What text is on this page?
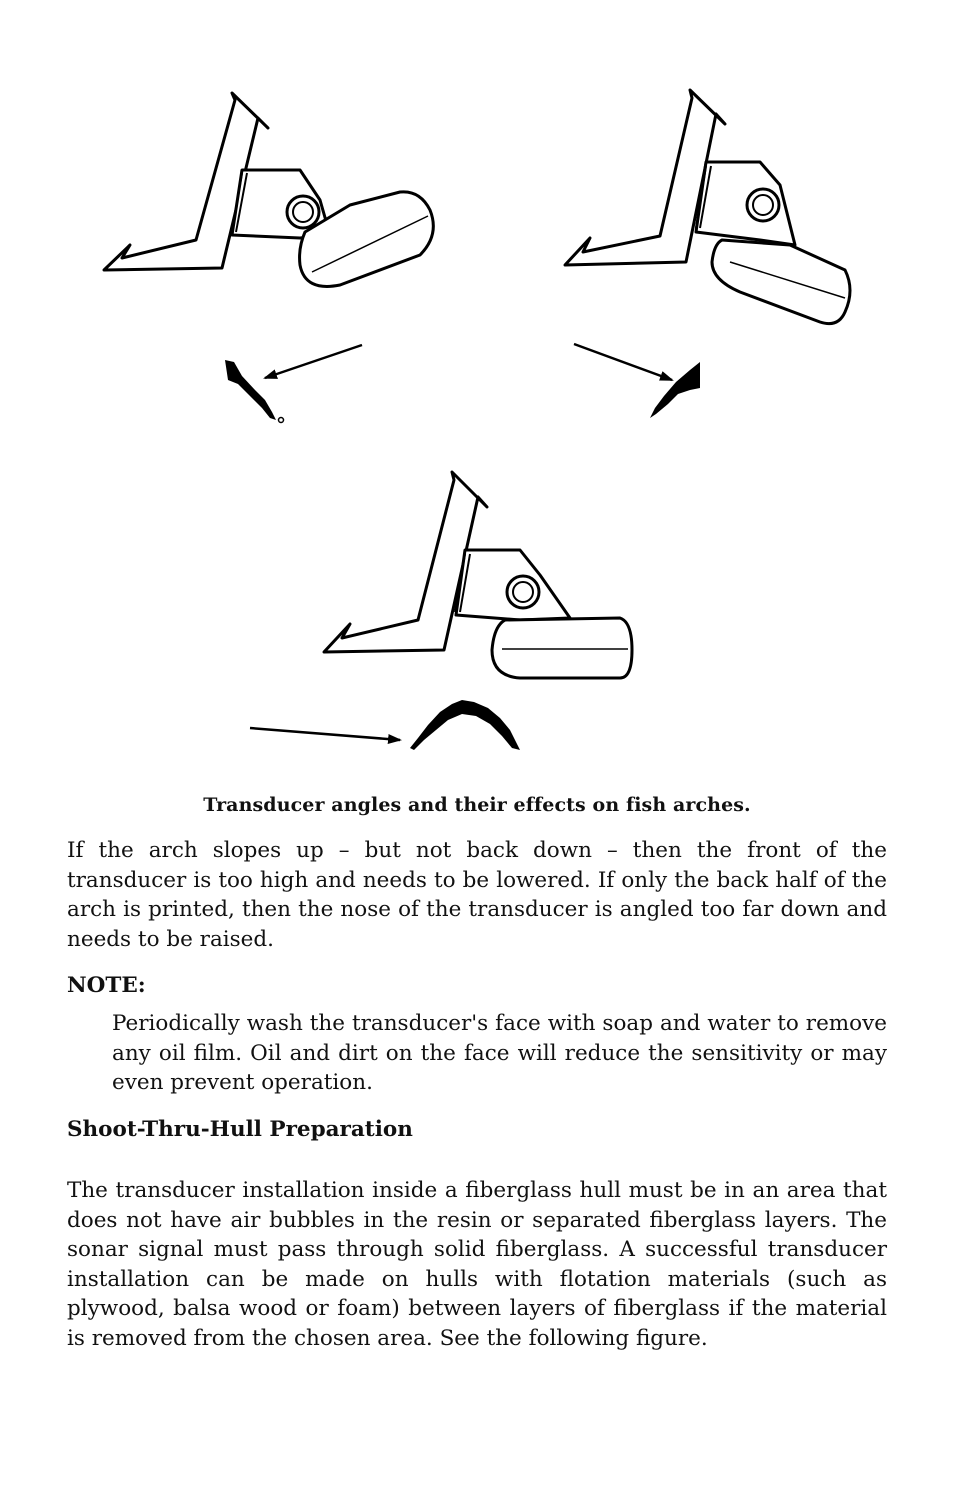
Transducer angles and their effects on fish arches.
If the arch slopes up – but not back down – then the front of the transducer is too high and needs to be lowered. If only the back half of the arch is printed, then the nose of the transducer is angled too far down and needs to be raised.
NOTE:
Periodically wash the transducer's face with soap and water to remove any oil film. Oil and dirt on the face will reduce the sensitivity or may even prevent operation.
Shoot-Thru-Hull Preparation
The transducer installation inside a fiberglass hull must be in an area that does not have air bubbles in the resin or separated fiberglass layers. The sonar signal must pass through solid fiberglass. A successful transducer installation can be made on hulls with flotation materials (such as plywood, balsa wood or foam) between layers of fiberglass if the material is removed from the chosen area. See the following figure.
